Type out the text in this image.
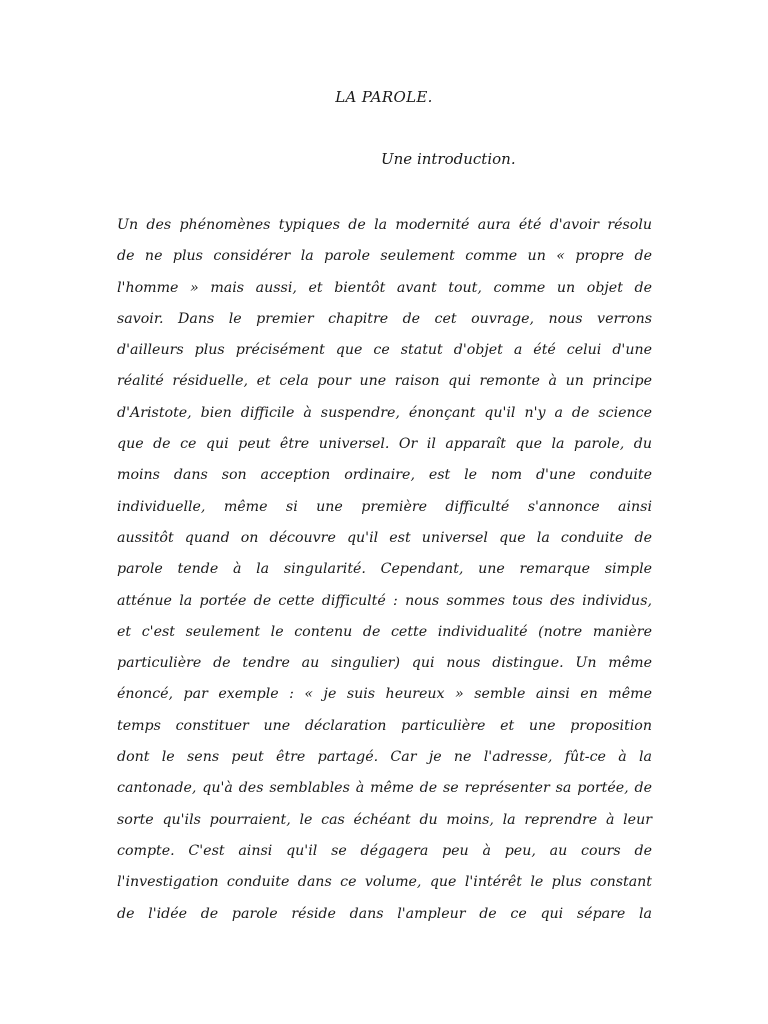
LA PAROLE.
Une introduction.
Un des phénomènes typiques de la modernité aura été d'avoir résolu
de ne plus considérer la parole seulement comme un « propre de
l'homme » mais aussi, et bientôt avant tout, comme un objet de
savoir. Dans le premier chapitre de cet ouvrage, nous verrons
d'ailleurs plus précisément que ce statut d'objet a été celui d'une
réalité résiduelle, et cela pour une raison qui remonte à un principe
d'Aristote, bien difficile à suspendre, énonçant qu'il n'y a de science
que de ce qui peut être universel. Or il apparaît que la parole, du
moins dans son acception ordinaire, est le nom d'une conduite
individuelle, même si une première difficulté s'annonce ainsi
aussitôt quand on découvre qu'il est universel que la conduite de
parole tende à la singularité. Cependant, une remarque simple
atténue la portée de cette difficulté : nous sommes tous des individus,
et c'est seulement le contenu de cette individualité (notre manière
particulière de tendre au singulier) qui nous distingue. Un même
énoncé, par exemple : « je suis heureux » semble ainsi en même
temps constituer une déclaration particulière et une proposition
dont le sens peut être partagé. Car je ne l'adresse, fût-ce à la
cantonade, qu'à des semblables à même de se représenter sa portée, de
sorte qu'ils pourraient, le cas échéant du moins, la reprendre à leur
compte. C'est ainsi qu'il se dégagera peu à peu, au cours de
l'investigation conduite dans ce volume, que l'intérêt le plus constant
de l'idée de parole réside dans l'ampleur de ce qui sépare la
